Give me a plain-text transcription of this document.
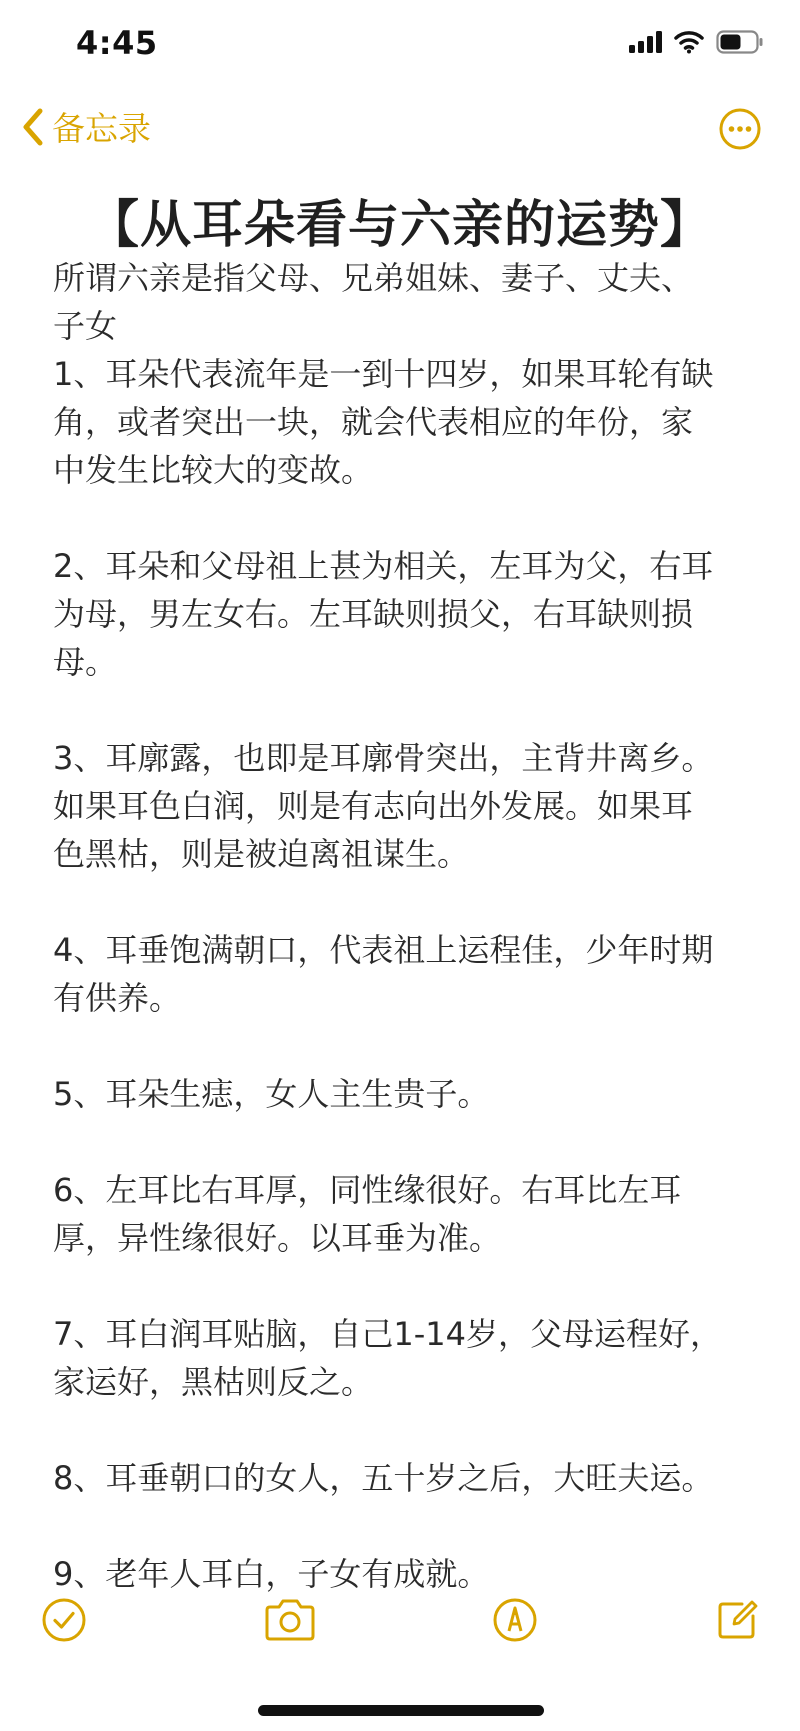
4:45
备忘录
【从耳朵看与六亲的运势】
所谓六亲是指父母、兄弟姐妹、妻子、丈夫、
子女
1、耳朵代表流年是一到十四岁，如果耳轮有缺
角，或者突出一块，就会代表相应的年份，家
中发生比较大的变故。
2、耳朵和父母祖上甚为相关，左耳为父，右耳
为母，男左女右。左耳缺则损父，右耳缺则损
母。
3、耳廓露，也即是耳廓骨突出，主背井离乡。
如果耳色白润，则是有志向出外发展。如果耳
色黑枯，则是被迫离祖谋生。
4、耳垂饱满朝口，代表祖上运程佳，少年时期
有供养。
5、耳朵生痣，女人主生贵子。
6、左耳比右耳厚，同性缘很好。右耳比左耳
厚，异性缘很好。以耳垂为准。
7、耳白润耳贴脑，自己1-14岁，父母运程好，
家运好，黑枯则反之。
8、耳垂朝口的女人，五十岁之后，大旺夫运。
9、老年人耳白，子女有成就。
